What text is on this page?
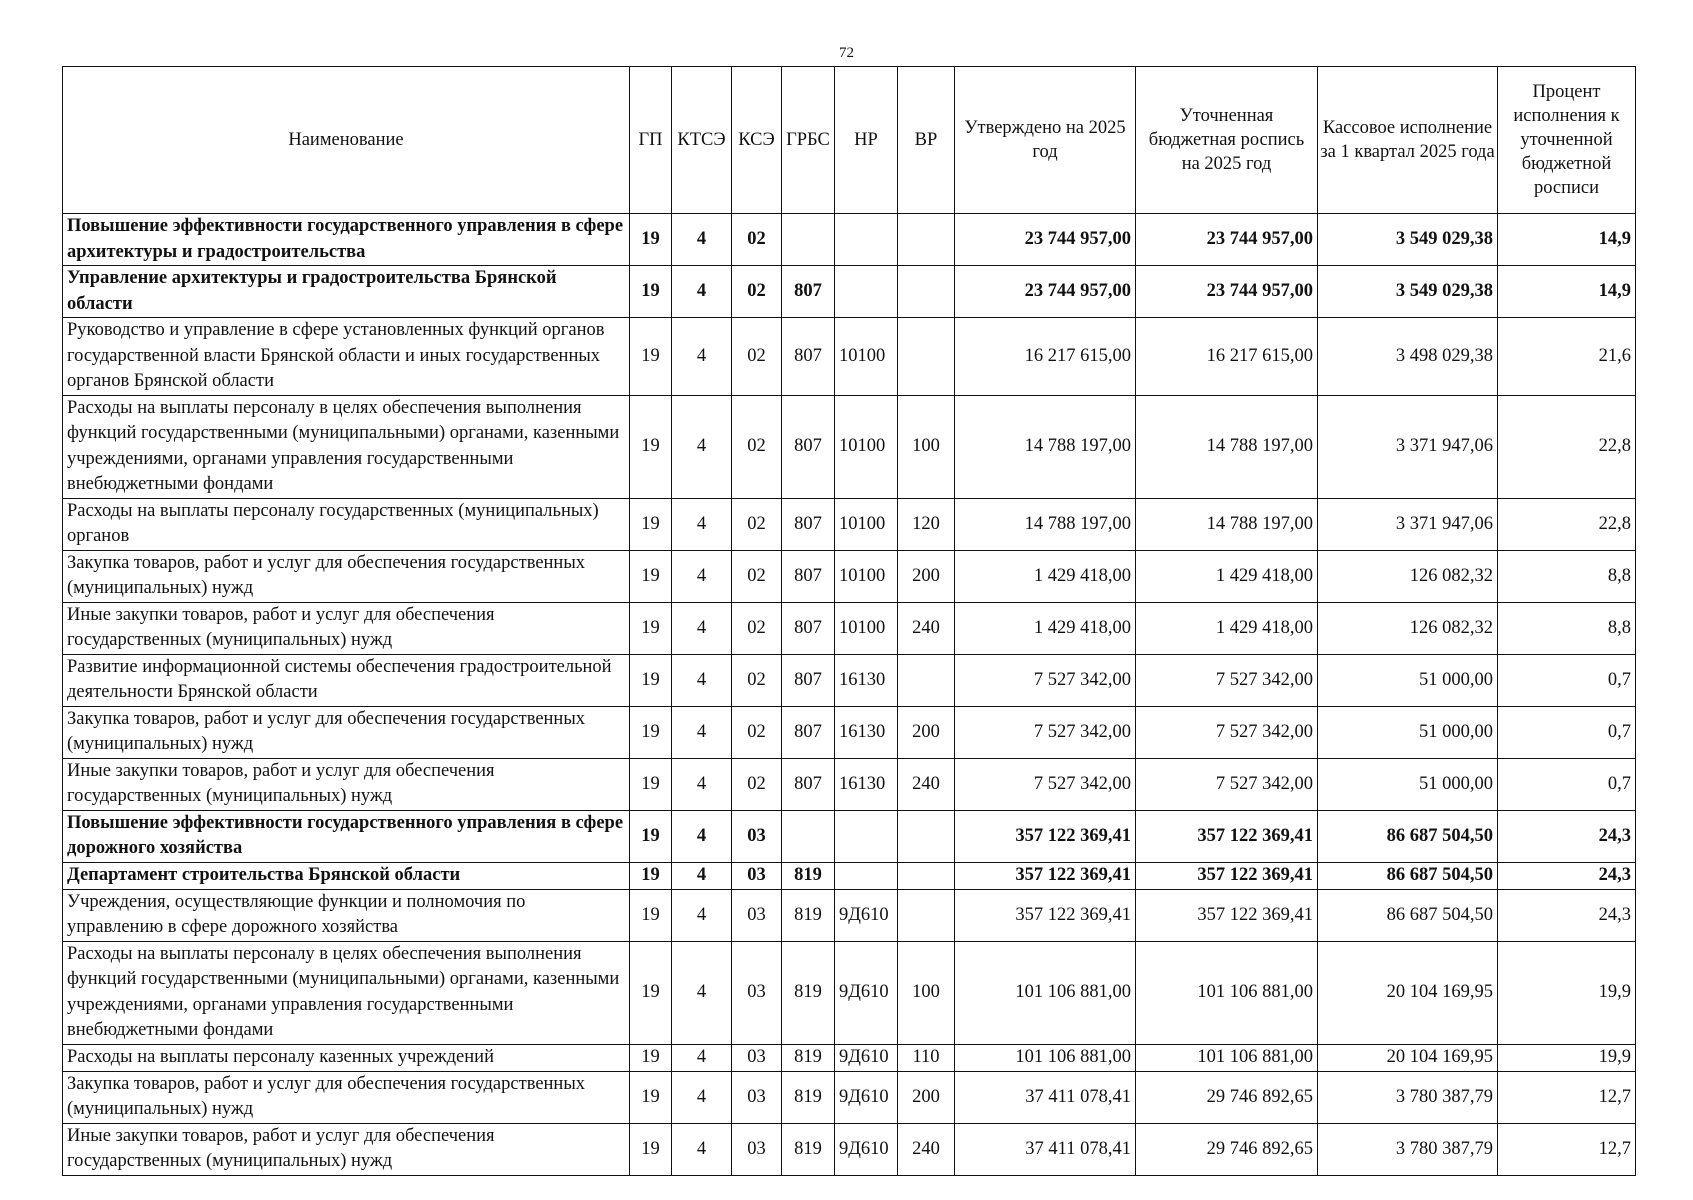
72
Наименование	ГП	КТСЭ	КСЭ	ГРБС	НР	ВР	Утверждено на 2025 год	Уточненная бюджетная роспись на 2025 год	Кассовое исполнение за 1 квартал 2025 года	Процент исполнения к уточненной бюджетной росписи
Повышение эффективности государственного управления в сфере архитектуры и градостроительства	19	4	02				23 744 957,00	23 744 957,00	3 549 029,38	14,9
Управление архитектуры и градостроительства Брянской области	19	4	02	807			23 744 957,00	23 744 957,00	3 549 029,38	14,9
Руководство и управление в сфере установленных функций органов государственной власти Брянской области и иных государственных органов Брянской области	19	4	02	807	10100		16 217 615,00	16 217 615,00	3 498 029,38	21,6
Расходы на выплаты персоналу в целях обеспечения выполнения функций государственными (муниципальными) органами, казенными учреждениями, органами управления государственными внебюджетными фондами	19	4	02	807	10100	100	14 788 197,00	14 788 197,00	3 371 947,06	22,8
Расходы на выплаты персоналу государственных (муниципальных) органов	19	4	02	807	10100	120	14 788 197,00	14 788 197,00	3 371 947,06	22,8
Закупка товаров, работ и услуг для обеспечения государственных (муниципальных) нужд	19	4	02	807	10100	200	1 429 418,00	1 429 418,00	126 082,32	8,8
Иные закупки товаров, работ и услуг для обеспечения государственных (муниципальных) нужд	19	4	02	807	10100	240	1 429 418,00	1 429 418,00	126 082,32	8,8
Развитие информационной системы обеспечения градостроительной деятельности Брянской области	19	4	02	807	16130		7 527 342,00	7 527 342,00	51 000,00	0,7
Закупка товаров, работ и услуг для обеспечения государственных (муниципальных) нужд	19	4	02	807	16130	200	7 527 342,00	7 527 342,00	51 000,00	0,7
Иные закупки товаров, работ и услуг для обеспечения государственных (муниципальных) нужд	19	4	02	807	16130	240	7 527 342,00	7 527 342,00	51 000,00	0,7
Повышение эффективности государственного управления в сфере дорожного хозяйства	19	4	03				357 122 369,41	357 122 369,41	86 687 504,50	24,3
Департамент строительства Брянской области	19	4	03	819			357 122 369,41	357 122 369,41	86 687 504,50	24,3
Учреждения, осуществляющие функции и полномочия по управлению в сфере дорожного хозяйства	19	4	03	819	9Д610		357 122 369,41	357 122 369,41	86 687 504,50	24,3
Расходы на выплаты персоналу в целях обеспечения выполнения функций государственными (муниципальными) органами, казенными учреждениями, органами управления государственными внебюджетными фондами	19	4	03	819	9Д610	100	101 106 881,00	101 106 881,00	20 104 169,95	19,9
Расходы на выплаты персоналу казенных учреждений	19	4	03	819	9Д610	110	101 106 881,00	101 106 881,00	20 104 169,95	19,9
Закупка товаров, работ и услуг для обеспечения государственных (муниципальных) нужд	19	4	03	819	9Д610	200	37 411 078,41	29 746 892,65	3 780 387,79	12,7
Иные закупки товаров, работ и услуг для обеспечения государственных (муниципальных) нужд	19	4	03	819	9Д610	240	37 411 078,41	29 746 892,65	3 780 387,79	12,7
